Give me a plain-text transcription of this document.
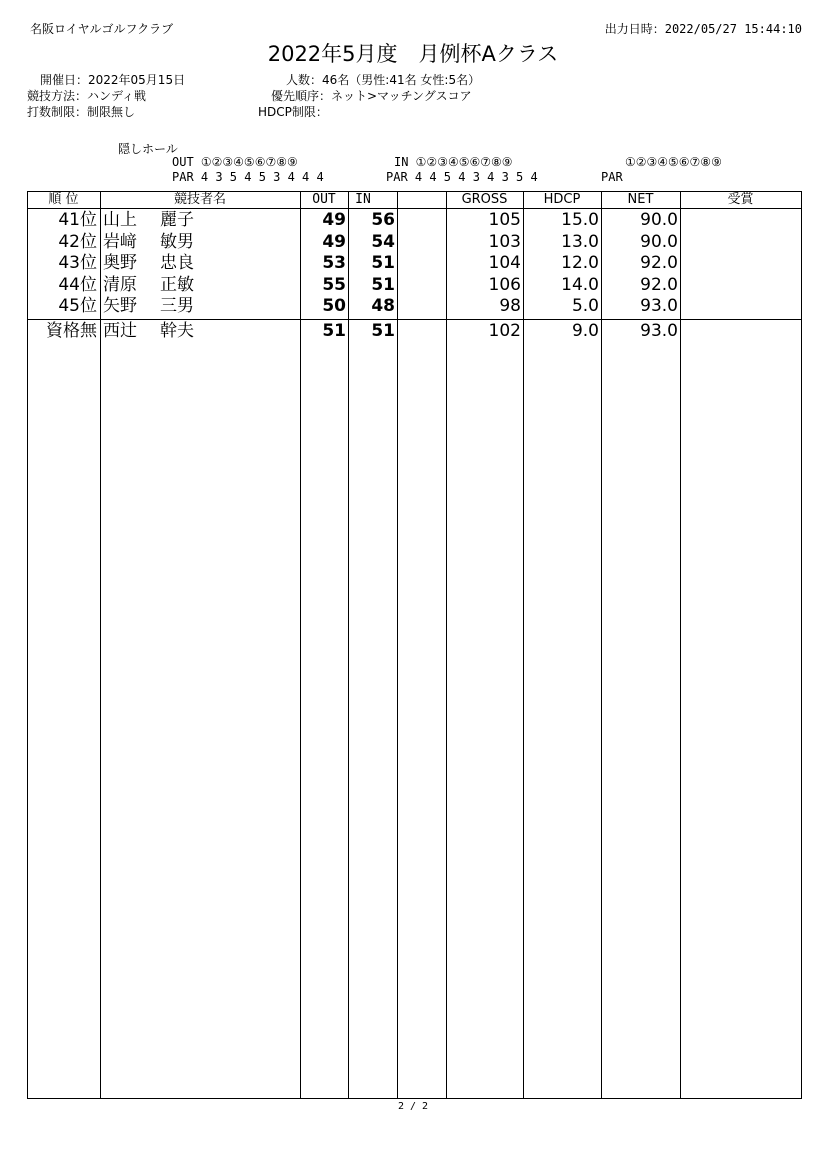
名阪ロイヤルゴルフクラブ	出力日時：2022/05/27 15:44:10
2022年5月度　月例杯Aクラス
開催日：2022年05月15日
競技方法：ハンディ戦
打数制限：制限無し
人数：46名（男性:41名 女性:5名）
優先順序：ネット>マッチングスコア
HDCP制限：
隠しホール
OUT ①②③④⑤⑥⑦⑧⑨
PAR 4 3 5 4 5 3 4 4 4
IN ①②③④⑤⑥⑦⑧⑨
PAR 4 4 5 4 3 4 3 5 4
①②③④⑤⑥⑦⑧⑨
PAR
順 位	競技者名	OUT	IN	GROSS	HDCP	NET	受賞
41位 山上	麗子	49	56	105	15.0	90.0
42位 岩﨑	敏男	49	54	103	13.0	90.0
43位 奥野	忠良	53	51	104	12.0	92.0
44位 清原	正敏	55	51	106	14.0	92.0
45位 矢野	三男	50	48	98	5.0	93.0
資格無 西辻	幹夫	51	51	102	9.0	93.0
2 / 2
